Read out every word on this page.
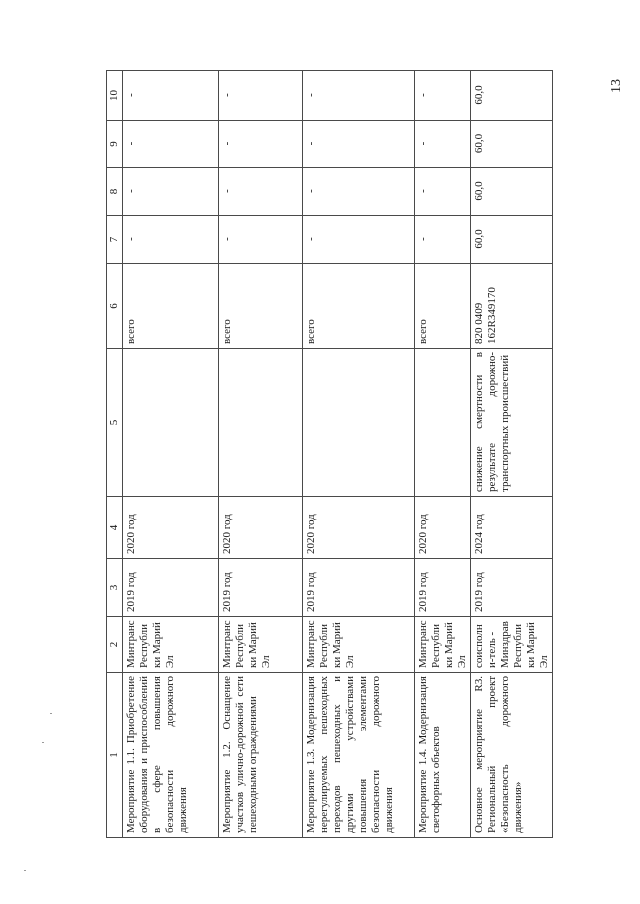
13
1	2	3	4	5	6	7	8	9	10
Мероприятие 1.1. Приобретение оборудования и приспособлений в сфере повышения безопасности дорожного движения	Минтранс Республики Марий Эл	2019 год	2020 год		всего	-	-	-	-
Мероприятие 1.2. Оснащение участков улично-дорожной сети пешеходными ограждениями	Минтранс Республики Марий Эл	2019 год	2020 год		всего	-	-	-	-
Мероприятие 1.3. Модернизация нерегулируемых пешеходных переходов пешеходных и другими устройствами повышения элементами безопасности дорожного движения	Минтранс Республики Марий Эл	2019 год	2020 год		всего	-	-	-	-
Мероприятие 1.4. Модернизация светофорных объектов	Минтранс Республики Марий Эл	2019 год	2020 год		всего	-	-	-	-
Основное мероприятие R3. Региональный проект «Безопасность дорожного движения»	соисполни-тель - Минздрав Республики Марий Эл	2019 год	2024 год	снижение смертности в результате дорожно-транспортных происшествий	820 0409 162R349170	60,0	60,0	60,0	60,0
